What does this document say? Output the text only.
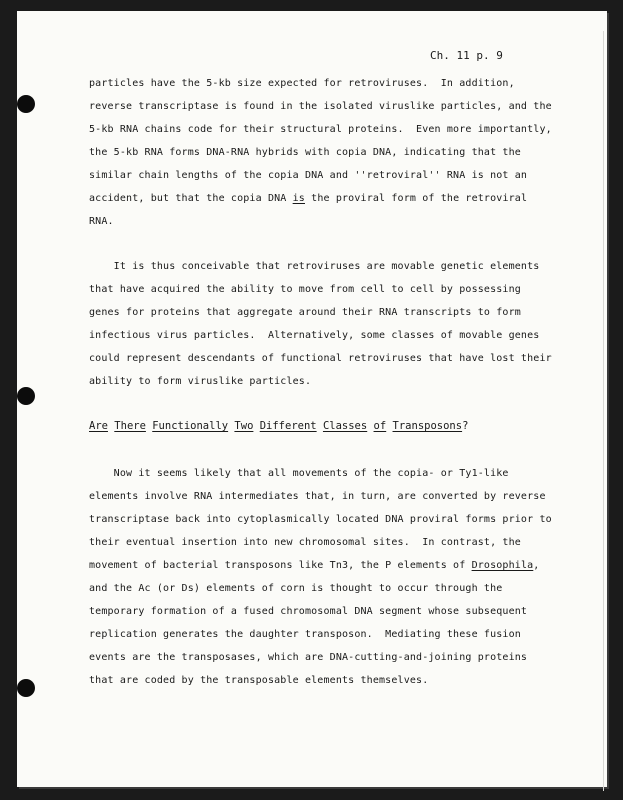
Ch. 11 p. 9
particles have the 5-kb size expected for retroviruses.  In addition,
reverse transcriptase is found in the isolated viruslike particles, and the
5-kb RNA chains code for their structural proteins.  Even more importantly,
the 5-kb RNA forms DNA-RNA hybrids with copia DNA, indicating that the
similar chain lengths of the copia DNA and ''retroviral'' RNA is not an
accident, but that the copia DNA is the proviral form of the retroviral
RNA.
It is thus conceivable that retroviruses are movable genetic elements
that have acquired the ability to move from cell to cell by possessing
genes for proteins that aggregate around their RNA transcripts to form
infectious virus particles.  Alternatively, some classes of movable genes
could represent descendants of functional retroviruses that have lost their
ability to form viruslike particles.
Are There Functionally Two Different Classes of Transposons?
Now it seems likely that all movements of the copia- or Ty1-like
elements involve RNA intermediates that, in turn, are converted by reverse
transcriptase back into cytoplasmically located DNA proviral forms prior to
their eventual insertion into new chromosomal sites.  In contrast, the
movement of bacterial transposons like Tn3, the P elements of Drosophila,
and the Ac (or Ds) elements of corn is thought to occur through the
temporary formation of a fused chromosomal DNA segment whose subsequent
replication generates the daughter transposon.  Mediating these fusion
events are the transposases, which are DNA-cutting-and-joining proteins
that are coded by the transposable elements themselves.
